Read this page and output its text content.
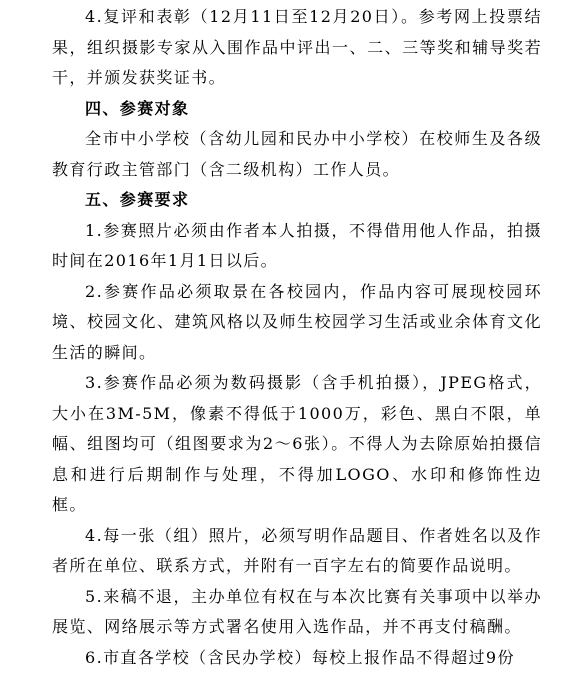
4.复评和表彰（12月11日至12月20日）。参考网上投票结果，组织摄影专家从入围作品中评出一、二、三等奖和辅导奖若干，并颁发获奖证书。

四、参赛对象

全市中小学校（含幼儿园和民办中小学校）在校师生及各级教育行政主管部门（含二级机构）工作人员。

五、参赛要求

1.参赛照片必须由作者本人拍摄，不得借用他人作品，拍摄时间在2016年1月1日以后。

2.参赛作品必须取景在各校园内，作品内容可展现校园环境、校园文化、建筑风格以及师生校园学习生活或业余体育文化生活的瞬间。

3.参赛作品必须为数码摄影（含手机拍摄），JPEG格式，大小在3M-5M，像素不得低于1000万，彩色、黑白不限，单幅、组图均可（组图要求为2～6张）。不得人为去除原始拍摄信息和进行后期制作与处理，不得加LOGO、水印和修饰性边框。

4.每一张（组）照片，必须写明作品题目、作者姓名以及作者所在单位、联系方式，并附有一百字左右的简要作品说明。

5.来稿不退，主办单位有权在与本次比赛有关事项中以举办展览、网络展示等方式署名使用入选作品，并不再支付稿酬。

6.市直各学校（含民办学校）每校上报作品不得超过9份
